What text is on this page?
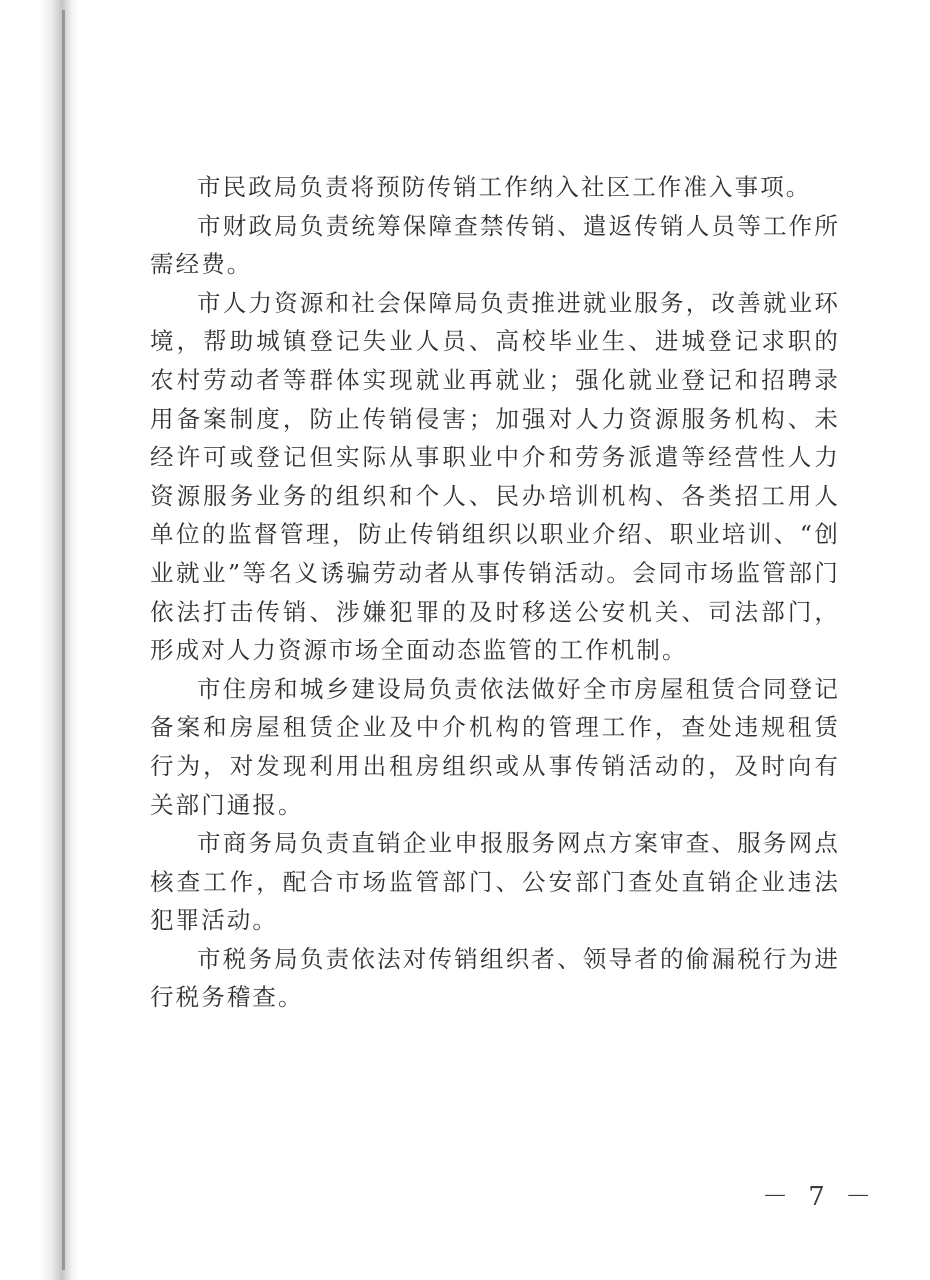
市民政局负责将预防传销工作纳入社区工作准入事项。

市财政局负责统筹保障查禁传销、遣返传销人员等工作所需经费。

市人力资源和社会保障局负责推进就业服务，改善就业环境，帮助城镇登记失业人员、高校毕业生、进城登记求职的农村劳动者等群体实现就业再就业；强化就业登记和招聘录用备案制度，防止传销侵害；加强对人力资源服务机构、未经许可或登记但实际从事职业中介和劳务派遣等经营性人力资源服务业务的组织和个人、民办培训机构、各类招工用人单位的监督管理，防止传销组织以职业介绍、职业培训、“创业就业”等名义诱骗劳动者从事传销活动。会同市场监管部门依法打击传销、涉嫌犯罪的及时移送公安机关、司法部门，形成对人力资源市场全面动态监管的工作机制。

市住房和城乡建设局负责依法做好全市房屋租赁合同登记备案和房屋租赁企业及中介机构的管理工作，查处违规租赁行为，对发现利用出租房组织或从事传销活动的，及时向有关部门通报。

市商务局负责直销企业申报服务网点方案审查、服务网点核查工作，配合市场监管部门、公安部门查处直销企业违法犯罪活动。

市税务局负责依法对传销组织者、领导者的偷漏税行为进行税务稽查。

－ 7 －
